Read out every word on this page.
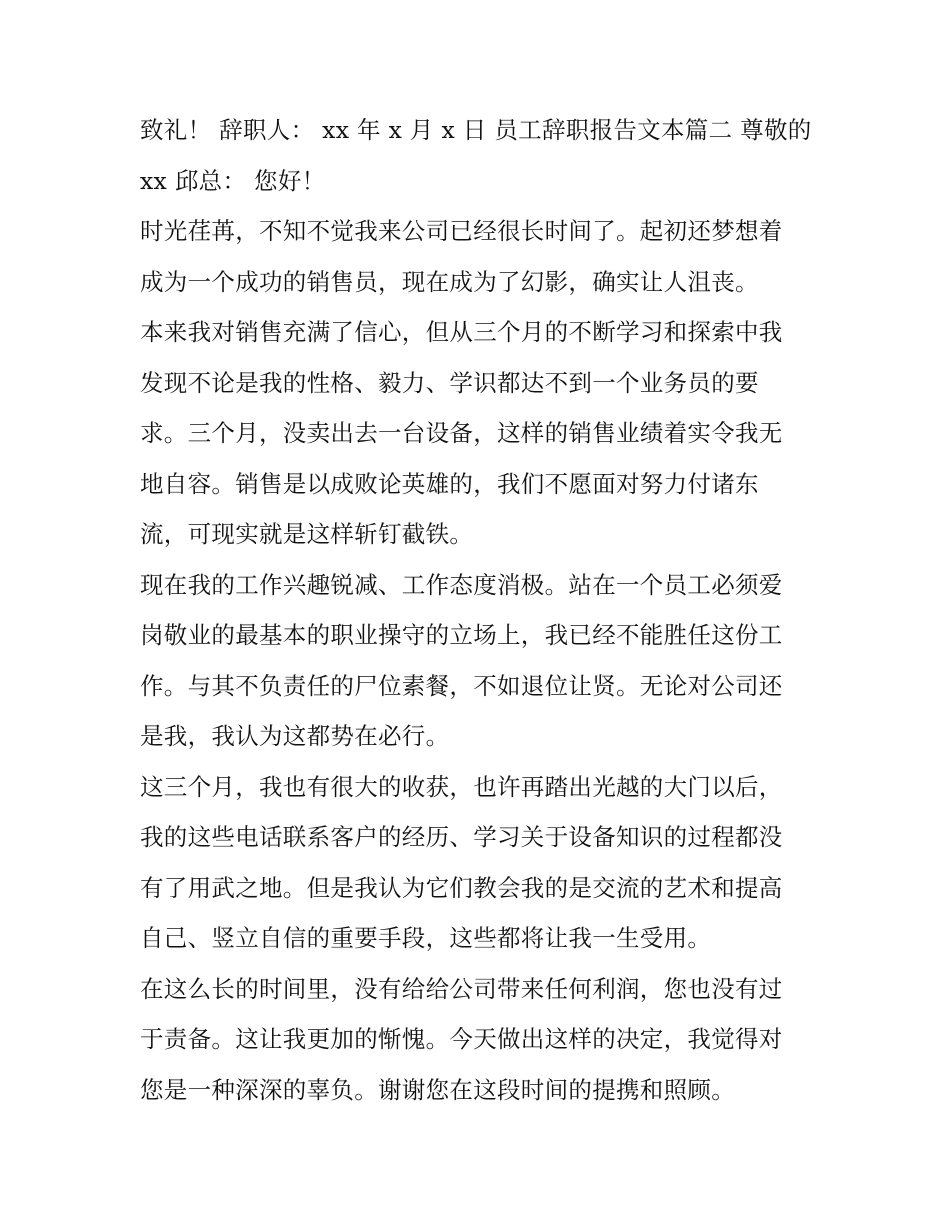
致礼！ 辞职人： xx 年 x 月 x 日 员工辞职报告文本篇二 尊敬的
xx 邱总： 您好！

时光荏苒，不知不觉我来公司已经很长时间了。起初还梦想着
成为一个成功的销售员，现在成为了幻影，确实让人沮丧。

本来我对销售充满了信心，但从三个月的不断学习和探索中我
发现不论是我的性格、毅力、学识都达不到一个业务员的要
求。三个月，没卖出去一台设备，这样的销售业绩着实令我无
地自容。销售是以成败论英雄的，我们不愿面对努力付诸东
流，可现实就是这样斩钉截铁。

现在我的工作兴趣锐减、工作态度消极。站在一个员工必须爱
岗敬业的最基本的职业操守的立场上，我已经不能胜任这份工
作。与其不负责任的尸位素餐，不如退位让贤。无论对公司还
是我，我认为这都势在必行。

这三个月，我也有很大的收获，也许再踏出光越的大门以后，
我的这些电话联系客户的经历、学习关于设备知识的过程都没
有了用武之地。但是我认为它们教会我的是交流的艺术和提高
自己、竖立自信的重要手段，这些都将让我一生受用。

在这么长的时间里，没有给给公司带来任何利润，您也没有过
于责备。这让我更加的惭愧。今天做出这样的决定，我觉得对
您是一种深深的辜负。谢谢您在这段时间的提携和照顾。
